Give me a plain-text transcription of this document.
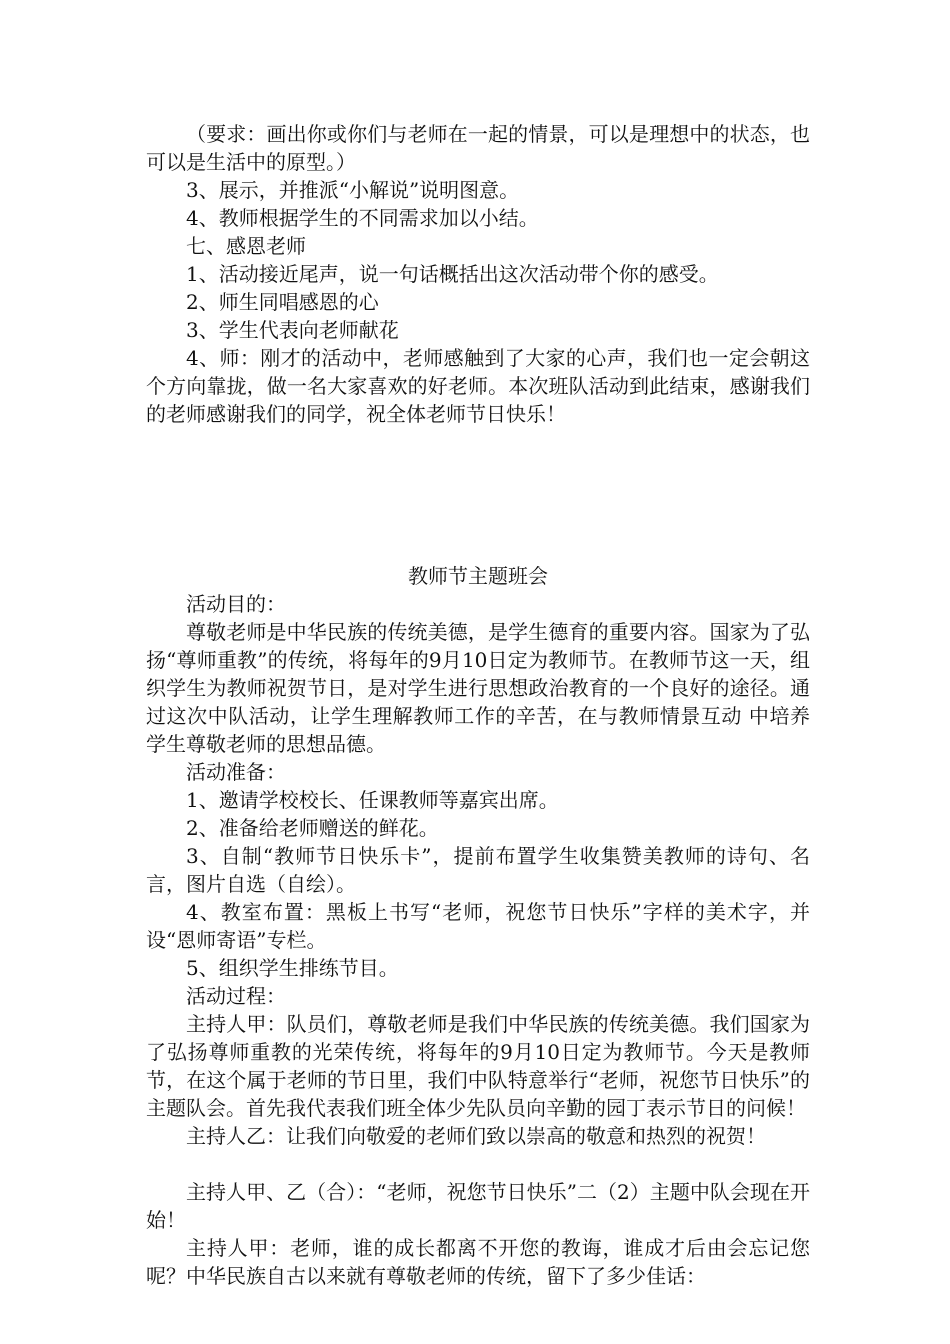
（要求：画出你或你们与老师在一起的情景，可以是理想中的状态，也可以是生活中的原型。）

3、展示，并推派“小解说”说明图意。

4、教师根据学生的不同需求加以小结。

七、感恩老师

1、活动接近尾声，说一句话概括出这次活动带个你的感受。

2、师生同唱感恩的心

3、学生代表向老师献花

4、师：刚才的活动中，老师感触到了大家的心声，我们也一定会朝这个方向靠拢，做一名大家喜欢的好老师。本次班队活动到此结束，感谢我们的老师感谢我们的同学，祝全体老师节日快乐！

教师节主题班会

活动目的：

尊敬老师是中华民族的传统美德，是学生德育的重要内容。国家为了弘扬“尊师重教”的传统，将每年的9月10日定为教师节。在教师节这一天，组织学生为教师祝贺节日，是对学生进行思想政治教育的一个良好的途径。通过这次中队活动，让学生理解教师工作的辛苦，在与教师情景互动 中培养学生尊敬老师的思想品德。

活动准备：

1、邀请学校校长、任课教师等嘉宾出席。

2、准备给老师赠送的鲜花。

3、自制“教师节日快乐卡”，提前布置学生收集赞美教师的诗句、名言，图片自选（自绘）。

4、教室布置：黑板上书写“老师，祝您节日快乐”字样的美术字，并设“恩师寄语”专栏。

5、组织学生排练节目。

活动过程：

主持人甲：队员们，尊敬老师是我们中华民族的传统美德。我们国家为了弘扬尊师重教的光荣传统，将每年的9月10日定为教师节。今天是教师节，在这个属于老师的节日里，我们中队特意举行“老师，祝您节日快乐”的主题队会。首先我代表我们班全体少先队员向辛勤的园丁表示节日的问候！

主持人乙：让我们向敬爱的老师们致以崇高的敬意和热烈的祝贺！

主持人甲、乙（合）：“老师，祝您节日快乐”二（2）主题中队会现在开始！

主持人甲：老师，谁的成长都离不开您的教诲，谁成才后由会忘记您呢？中华民族自古以来就有尊敬老师的传统，留下了多少佳话：
